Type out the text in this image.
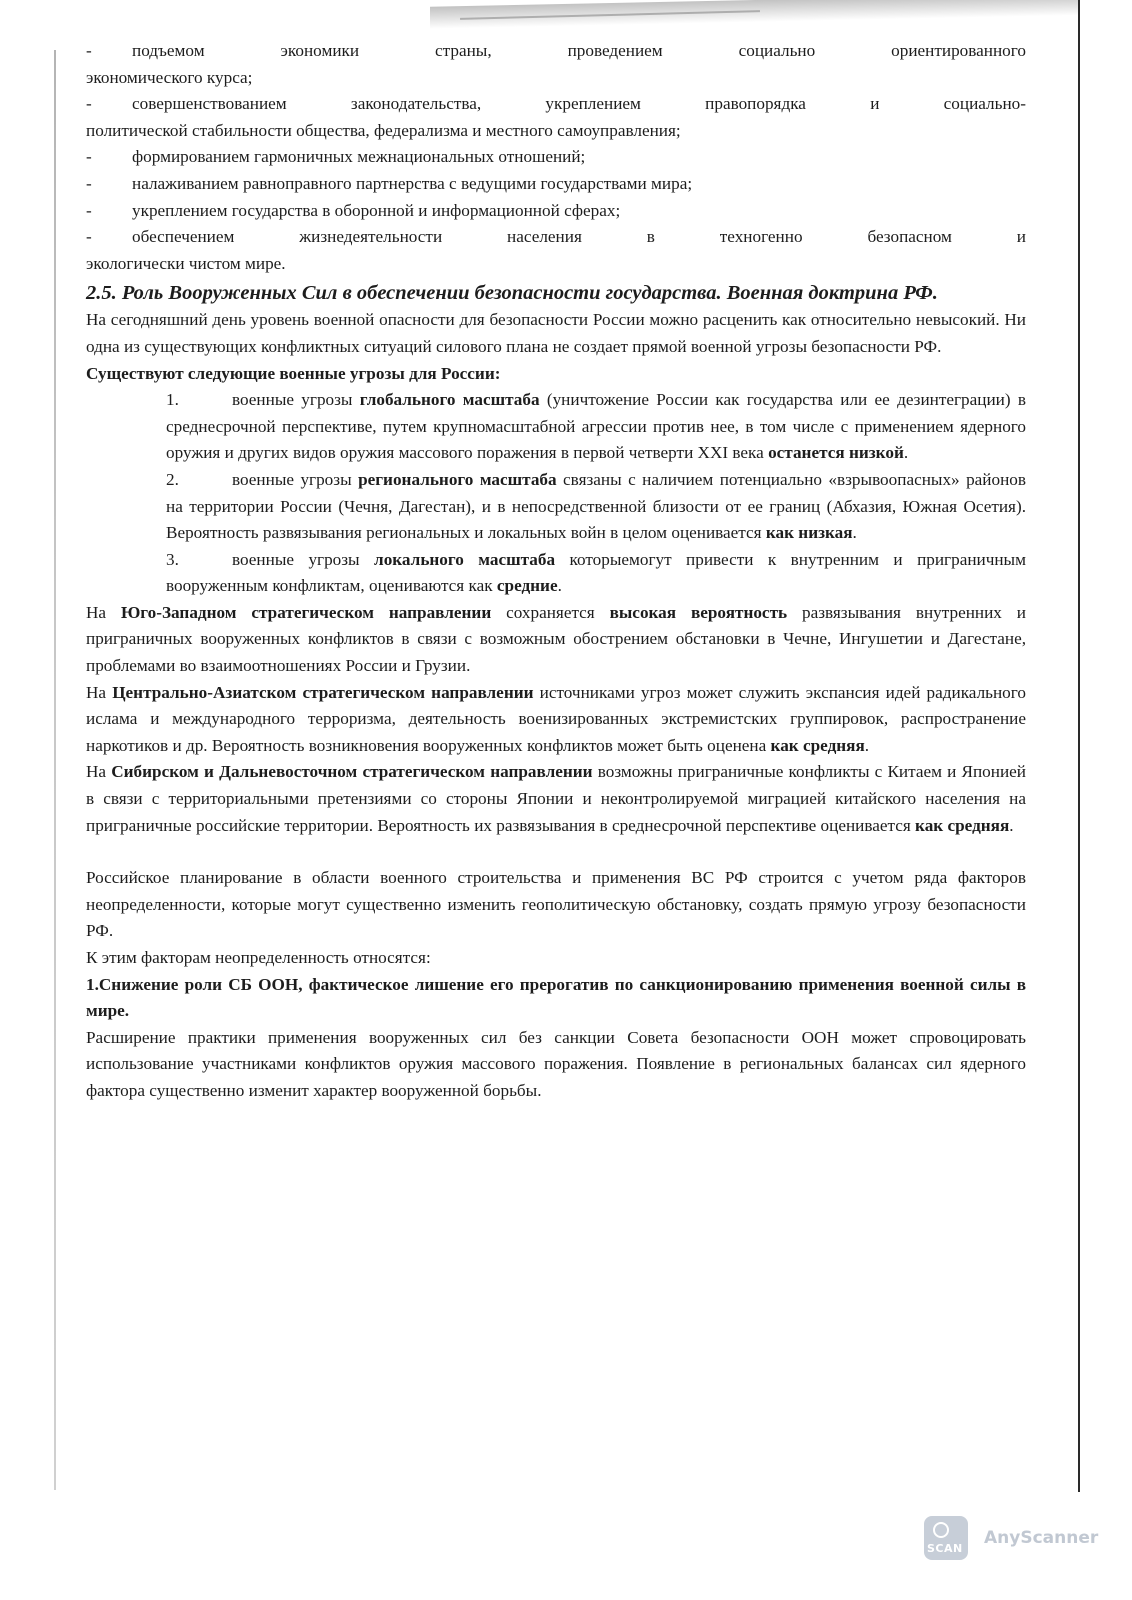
- подъемом экономики страны, проведением социально ориентированного
экономического курса;
- совершенствованием законодательства, укреплением правопорядка и социально-
политической стабильности общества, федерализма и местного самоуправления;
- формированием гармоничных межнациональных отношений;
- налаживанием равноправного партнерства с ведущими государствами мира;
- укреплением государства в оборонной и информационной сферах;
- обеспечением жизнедеятельности населения в техногенно безопасном и
экологически чистом мире.
2.5. Роль Вооруженных Сил в обеспечении безопасности государства. Военная доктрина РФ.

На сегодняшний день уровень военной опасности для безопасности России можно расценить как относительно невысокий. Ни одна из существующих конфликтных ситуаций силового плана не создает прямой военной угрозы безопасности РФ.

Существуют следующие военные угрозы для России:

1.	военные угрозы глобального масштаба (уничтожение России как государства или ее дезинтеграции) в среднесрочной перспективе, путем крупномасштабной агрессии против нее, в том числе с применением ядерного оружия и других видов оружия массового поражения в первой четверти XXI века останется низкой.

2.	военные угрозы регионального масштаба связаны с наличием потенциально «взрывоопасных» районов на территории России (Чечня, Дагестан), и в непосредственной близости от ее границ (Абхазия, Южная Осетия). Вероятность развязывания региональных и локальных войн в целом оценивается как низкая.

3.	военные угрозы локального масштаба которыемогут привести к внутренним и приграничным вооруженным конфликтам, оцениваются как средние.

На Юго-Западном стратегическом направлении сохраняется высокая вероятность развязывания внутренних и приграничных вооруженных конфликтов в связи с возможным обострением обстановки в Чечне, Ингушетии и Дагестане, проблемами во взаимоотношениях России и Грузии.

На Центрально-Азиатском стратегическом направлении источниками угроз может служить экспансия идей радикального ислама и международного терроризма, деятельность военизированных экстремистских группировок, распространение наркотиков и др. Вероятность возникновения вооруженных конфликтов может быть оценена как средняя.

На Сибирском и Дальневосточном стратегическом направлении возможны приграничные конфликты с Китаем и Японией в связи с территориальными претензиями со стороны Японии и неконтролируемой миграцией китайского населения на приграничные российские территории. Вероятность их развязывания в среднесрочной перспективе оценивается как средняя.

Российское планирование в области военного строительства и применения ВС РФ строится с учетом ряда факторов неопределенности, которые могут существенно изменить геополитическую обстановку, создать прямую угрозу безопасности РФ.

К этим факторам неопределенность относятся:

1.Снижение роли СБ ООН, фактическое лишение его прерогатив по санкционированию применения военной силы в мире.

Расширение практики применения вооруженных сил без санкции Совета безопасности ООН может спровоцировать использование участниками конфликтов оружия массового поражения. Появление в региональных балансах сил ядерного фактора существенно изменит характер вооруженной борьбы.

SCAN
AnyScanner
